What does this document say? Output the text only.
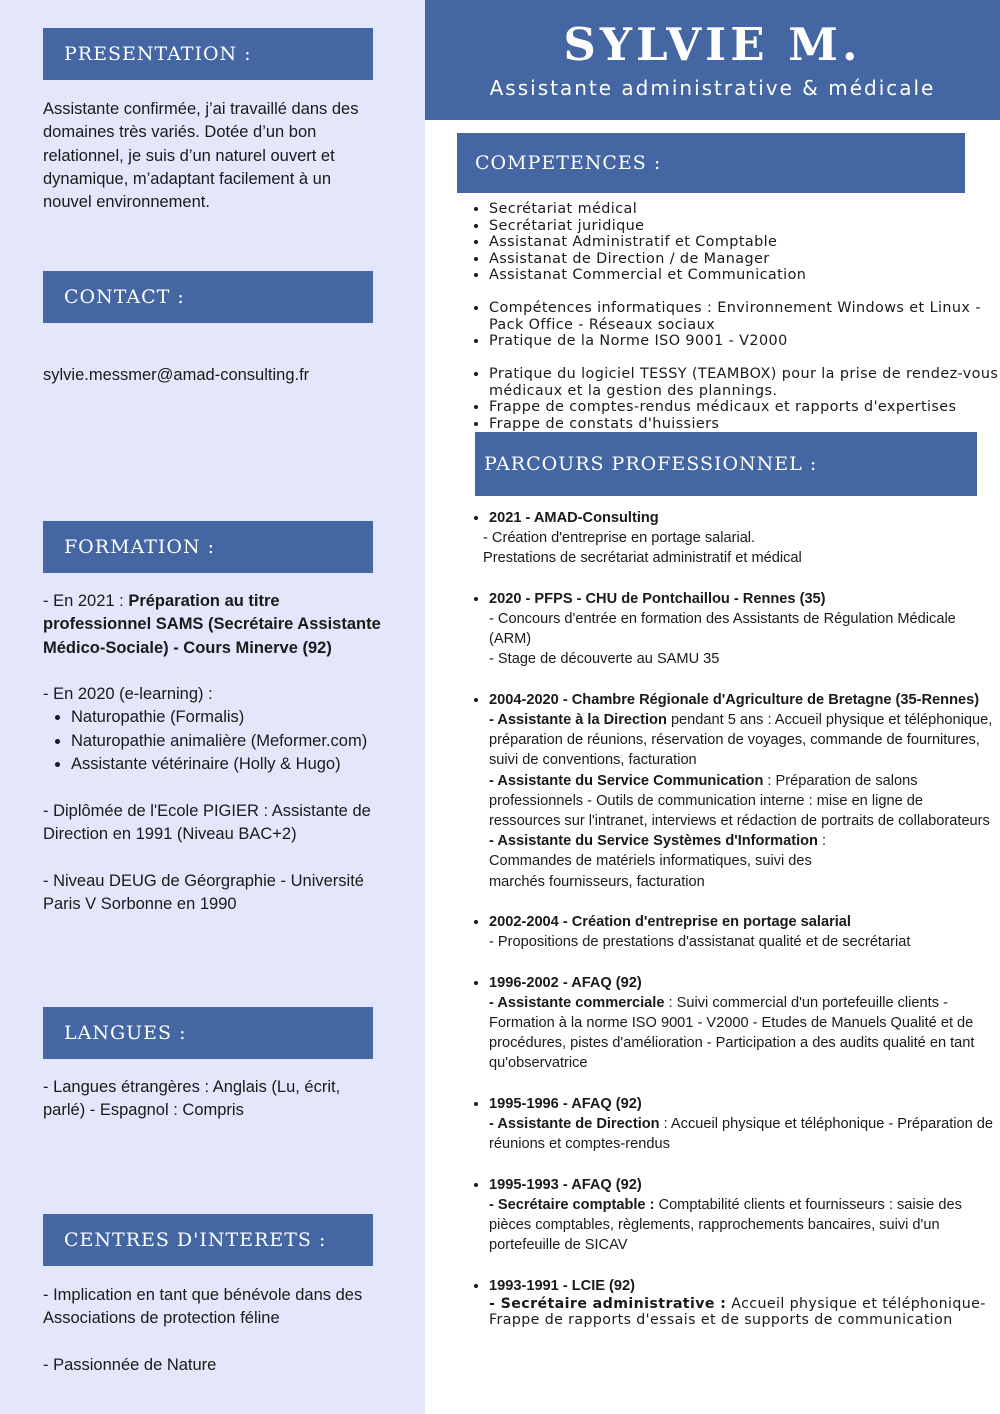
PRESENTATION :

Assistante confirmée, j’ai travaillé dans des domaines très variés. Dotée d’un bon relationnel, je suis d’un naturel ouvert et dynamique, m’adaptant facilement à un nouvel environnement.

CONTACT :

sylvie.messmer@amad-consulting.fr

FORMATION :

- En 2021 : Préparation au titre professionnel SAMS (Secrétaire Assistante Médico-Sociale) - Cours Minerve (92)

- En 2020 (e-learning) :

• Naturopathie (Formalis)
• Naturopathie animalière (Meformer.com)
• Assistante vétérinaire (Holly & Hugo)

- Diplômée de l'Ecole PIGIER : Assistante de Direction en 1991 (Niveau BAC+2)

- Niveau DEUG de Géorgraphie - Université Paris V Sorbonne en 1990

LANGUES :

- Langues étrangères : Anglais (Lu, écrit, parlé) - Espagnol : Compris

CENTRES D'INTERETS :

- Implication en tant que bénévole dans des Associations de protection féline

- Passionnée de Nature

SYLVIE M.
Assistante administrative & médicale
COMPETENCES :
• Secrétariat médical
• Secrétariat juridique
• Assistanat Administratif et Comptable
• Assistanat de Direction / de Manager
• Assistanat Commercial et Communication
• Compétences informatiques : Environnement Windows et Linux - Pack Office - Réseaux sociaux
• Pratique de la Norme ISO 9001 - V2000
• Pratique du logiciel TESSY (TEAMBOX) pour la prise de rendez-vous médicaux et la gestion des plannings.
• Frappe de comptes-rendus médicaux et rapports d'expertises
• Frappe de constats d'huissiers
PARCOURS PROFESSIONNEL :
• 2021 - AMAD-Consulting
- Création d'entreprise en portage salarial.
Prestations de secrétariat administratif et médical
• 2020 - PFPS - CHU de Pontchaillou - Rennes (35)
- Concours d'entrée en formation des Assistants de Régulation Médicale (ARM)
- Stage de découverte au SAMU 35
• 2004-2020 - Chambre Régionale d'Agriculture de Bretagne (35-Rennes)
- Assistante à la Direction pendant 5 ans : Accueil physique et téléphonique, préparation de réunions, réservation de voyages, commande de fournitures, suivi de conventions, facturation
- Assistante du Service Communication : Préparation de salons professionnels - Outils de communication interne : mise en ligne de ressources sur l'intranet, interviews et rédaction de portraits de collaborateurs
- Assistante du Service Systèmes d'Information :
Commandes de matériels informatiques, suivi des
marchés fournisseurs, facturation
• 2002-2004 - Création d'entreprise en portage salarial
- Propositions de prestations d'assistanat qualité et de secrétariat
• 1996-2002 - AFAQ (92)
- Assistante commerciale : Suivi commercial d'un portefeuille clients - Formation à la norme ISO 9001 - V2000 - Etudes de Manuels Qualité et de procédures, pistes d'amélioration - Participation a des audits qualité en tant qu'observatrice
• 1995-1996 - AFAQ (92)
- Assistante de Direction : Accueil physique et téléphonique - Préparation de réunions et comptes-rendus
• 1995-1993 - AFAQ (92)
- Secrétaire comptable : Comptabilité clients et fournisseurs : saisie des pièces comptables, règlements, rapprochements bancaires, suivi d'un portefeuille de SICAV
• 1993-1991 - LCIE (92)
- Secrétaire administrative : Accueil physique et téléphonique- Frappe de rapports d'essais et de supports de communication
